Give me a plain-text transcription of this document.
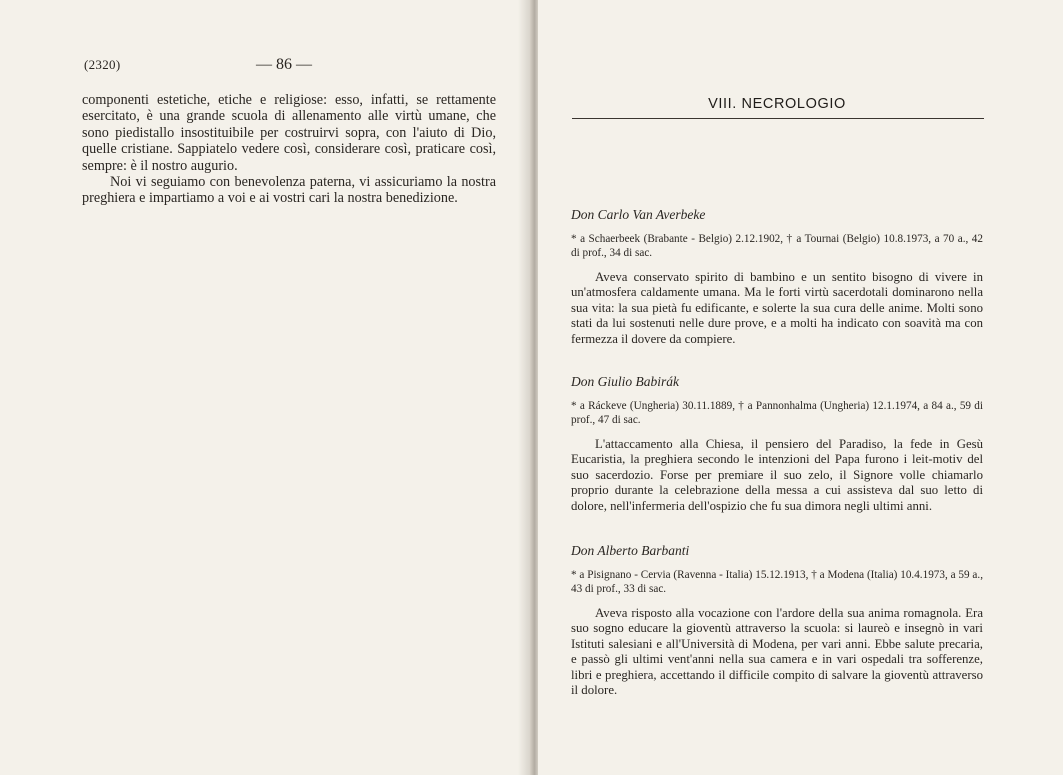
(2320)	— 86 —

componenti estetiche, etiche e religiose: esso, infatti, se rettamente esercitato, è una grande scuola di allenamento alle virtù umane, che sono piedistallo insostituibile per costruirvi sopra, con l'aiuto di Dio, quelle cristiane. Sappiatelo vedere così, considerare così, praticare così, sempre: è il nostro augurio.

Noi vi seguiamo con benevolenza paterna, vi assicuriamo la nostra preghiera e impartiamo a voi e ai vostri cari la nostra benedizione.

VIII. NECROLOGIO

Don Carlo Van Averbeke

* a Schaerbeek (Brabante - Belgio) 2.12.1902, † a Tournai (Belgio) 10.8.1973, a 70 a., 42 di prof., 34 di sac.

Aveva conservato spirito di bambino e un sentito bisogno di vivere in un'atmosfera caldamente umana. Ma le forti virtù sacerdotali dominarono nella sua vita: la sua pietà fu edificante, e solerte la sua cura delle anime. Molti sono stati da lui sostenuti nelle dure prove, e a molti ha indicato con soavità ma con fermezza il dovere da compiere.

Don Giulio Babirák

* a Ráckeve (Ungheria) 30.11.1889, † a Pannonhalma (Ungheria) 12.1.1974, a 84 a., 59 di prof., 47 di sac.

L'attaccamento alla Chiesa, il pensiero del Paradiso, la fede in Gesù Eucaristia, la preghiera secondo le intenzioni del Papa furono i leit-motiv del suo sacerdozio. Forse per premiare il suo zelo, il Signore volle chiamarlo proprio durante la celebrazione della messa a cui assisteva dal suo letto di dolore, nell'infermeria dell'ospizio che fu sua dimora negli ultimi anni.

Don Alberto Barbanti

* a Pisignano - Cervia (Ravenna - Italia) 15.12.1913, † a Modena (Italia) 10.4.1973, a 59 a., 43 di prof., 33 di sac.

Aveva risposto alla vocazione con l'ardore della sua anima romagnola. Era suo sogno educare la gioventù attraverso la scuola: si laureò e insegnò in vari Istituti salesiani e all'Università di Modena, per vari anni. Ebbe salute precaria, e passò gli ultimi vent'anni nella sua camera e in vari ospedali tra sofferenze, libri e preghiera, accettando il difficile compito di salvare la gioventù attraverso il dolore.
